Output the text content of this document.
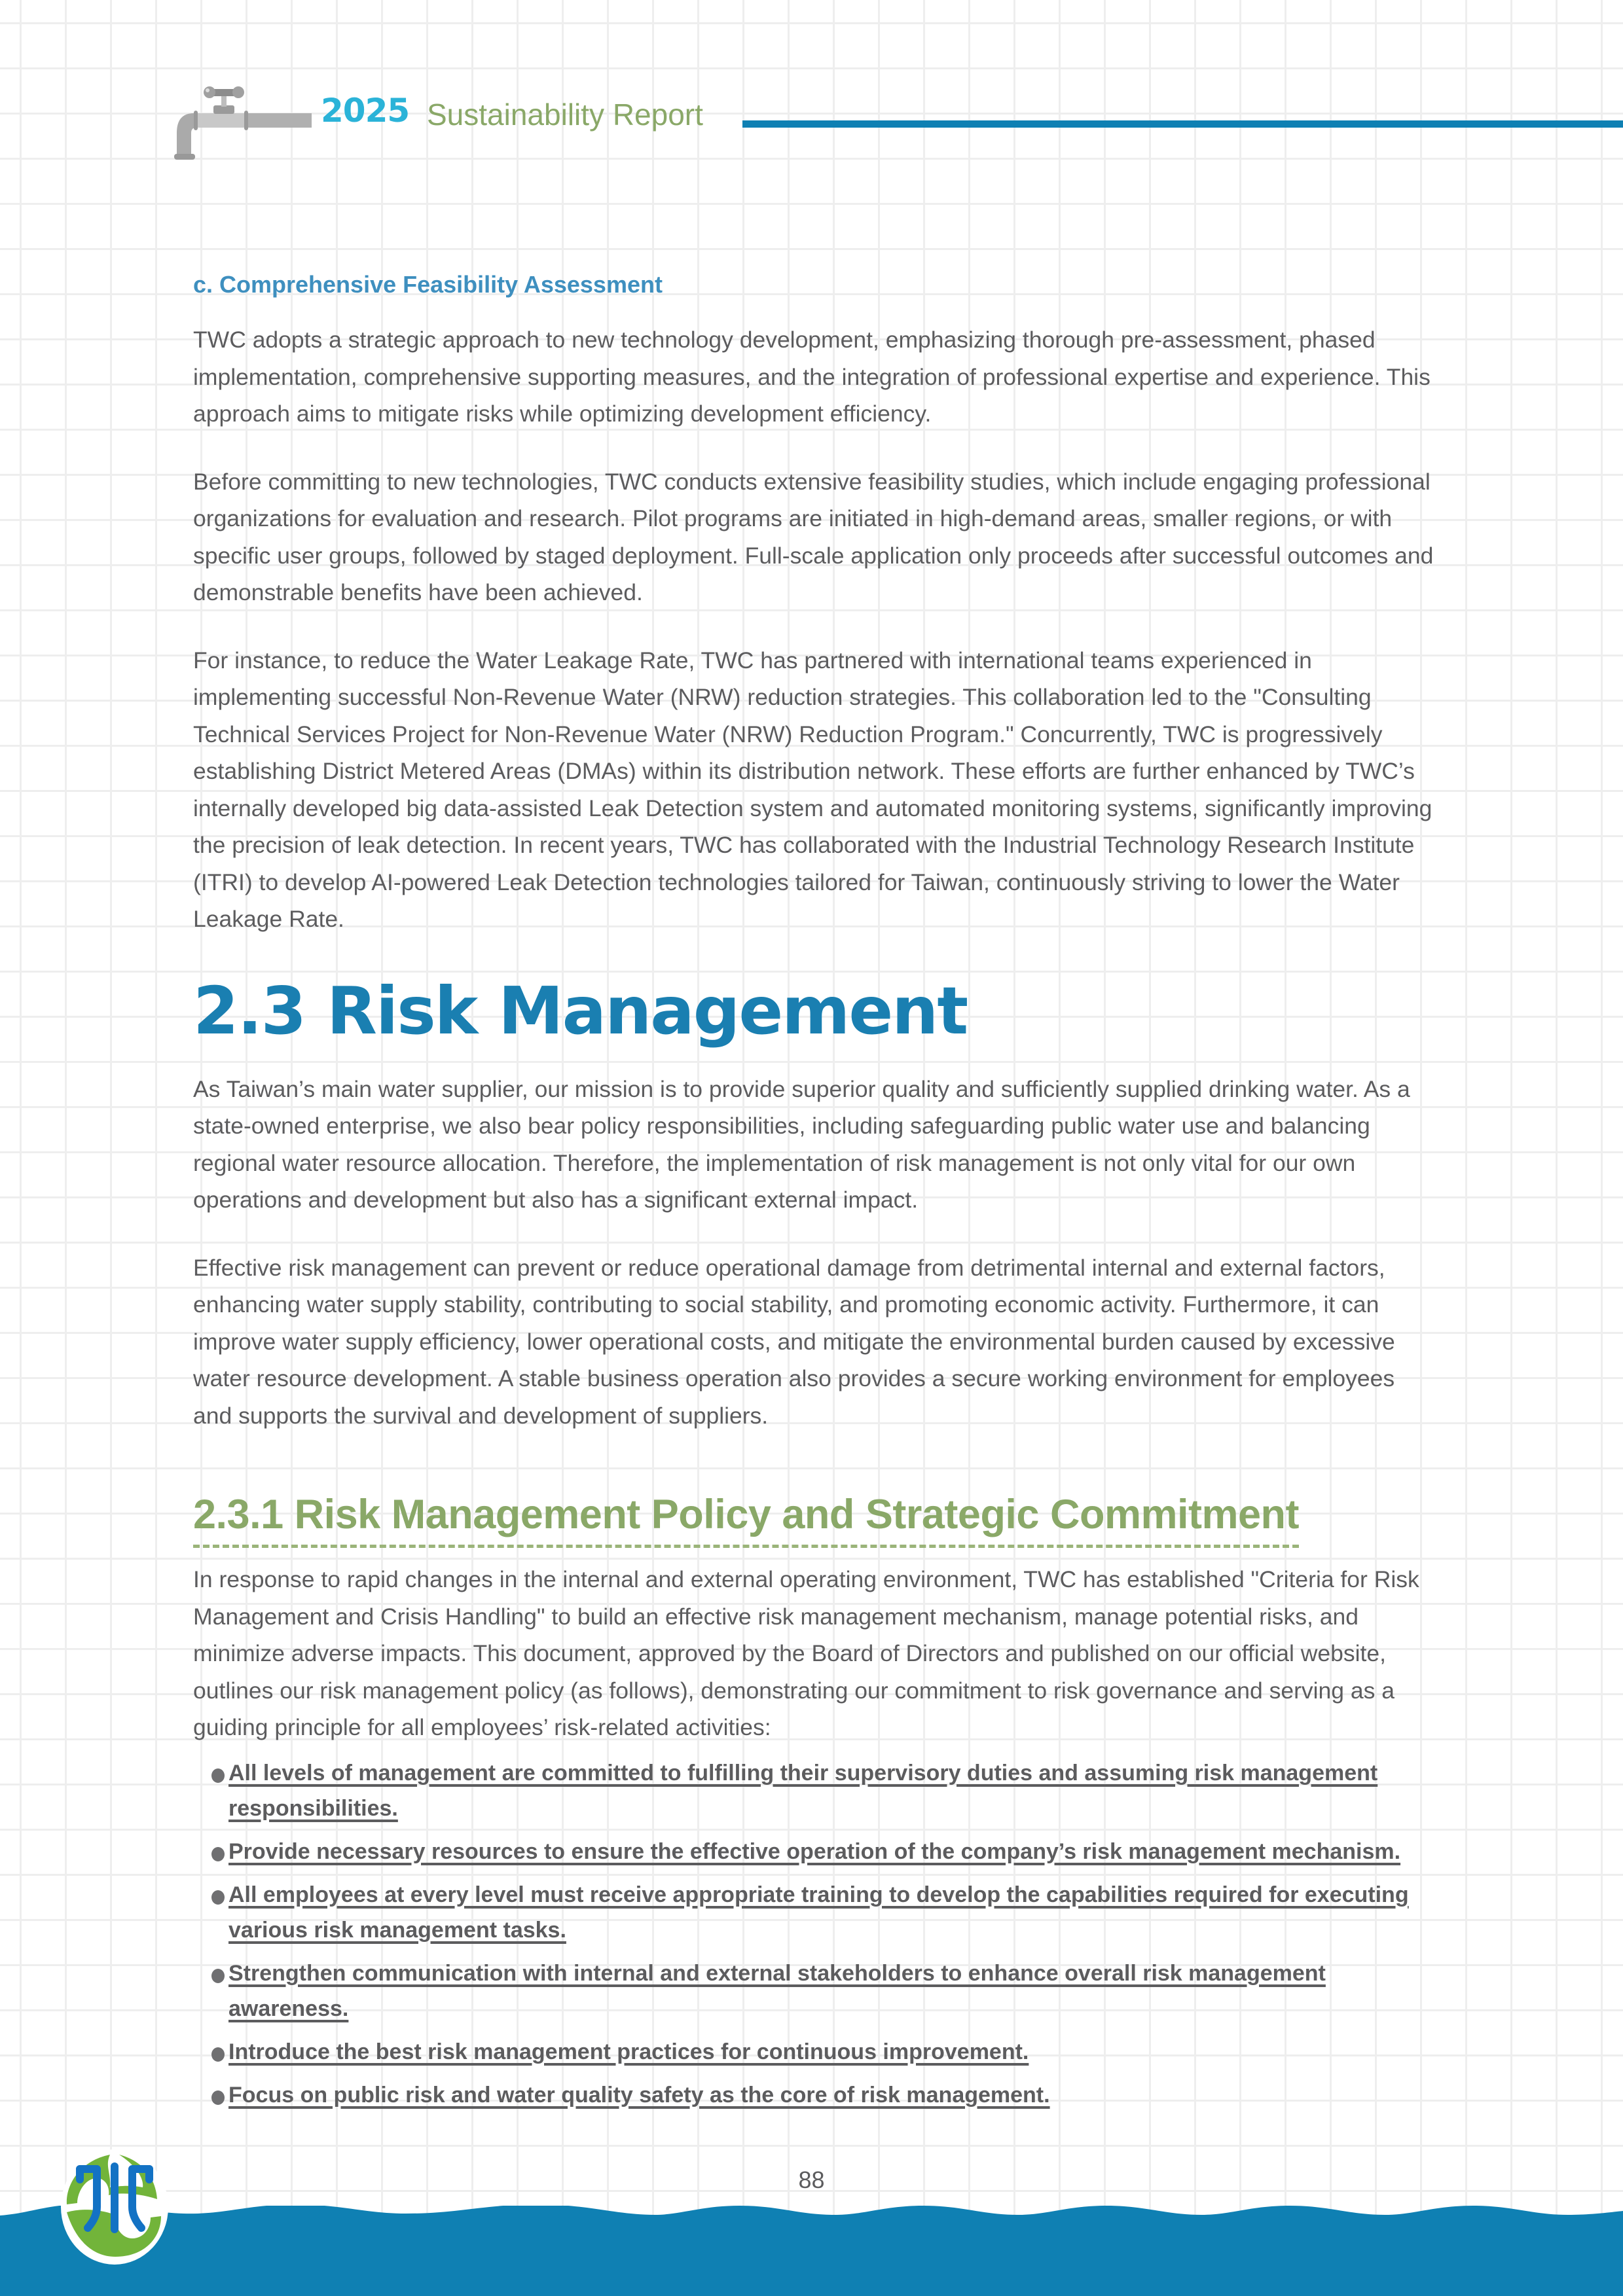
2025 Sustainability Report
c. Comprehensive Feasibility Assessment

TWC adopts a strategic approach to new technology development, emphasizing thorough pre-assessment, phased implementation, comprehensive supporting measures, and the integration of professional expertise and experience. This approach aims to mitigate risks while optimizing development efficiency.

Before committing to new technologies, TWC conducts extensive feasibility studies, which include engaging professional organizations for evaluation and research. Pilot programs are initiated in high-demand areas, smaller regions, or with specific user groups, followed by staged deployment. Full-scale application only proceeds after successful outcomes and demonstrable benefits have been achieved.

For instance, to reduce the Water Leakage Rate, TWC has partnered with international teams experienced in implementing successful Non-Revenue Water (NRW) reduction strategies. This collaboration led to the "Consulting Technical Services Project for Non-Revenue Water (NRW) Reduction Program." Concurrently, TWC is progressively establishing District Metered Areas (DMAs) within its distribution network. These efforts are further enhanced by TWC’s internally developed big data-assisted Leak Detection system and automated monitoring systems, significantly improving the precision of leak detection. In recent years, TWC has collaborated with the Industrial Technology Research Institute (ITRI) to develop AI-powered Leak Detection technologies tailored for Taiwan, continuously striving to lower the Water Leakage Rate.

2.3 Risk Management

As Taiwan’s main water supplier, our mission is to provide superior quality and sufficiently supplied drinking water. As a state-owned enterprise, we also bear policy responsibilities, including safeguarding public water use and balancing regional water resource allocation. Therefore, the implementation of risk management is not only vital for our own operations and development but also has a significant external impact.

Effective risk management can prevent or reduce operational damage from detrimental internal and external factors, enhancing water supply stability, contributing to social stability, and promoting economic activity. Furthermore, it can improve water supply efficiency, lower operational costs, and mitigate the environmental burden caused by excessive water resource development. A stable business operation also provides a secure working environment for employees and supports the survival and development of suppliers.

2.3.1 Risk Management Policy and Strategic Commitment

In response to rapid changes in the internal and external operating environment, TWC has established "Criteria for Risk Management and Crisis Handling" to build an effective risk management mechanism, manage potential risks, and minimize adverse impacts. This document, approved by the Board of Directors and published on our official website, outlines our risk management policy (as follows), demonstrating our commitment to risk governance and serving as a guiding principle for all employees’ risk-related activities:

All levels of management are committed to fulfilling their supervisory duties and assuming risk management responsibilities.
Provide necessary resources to ensure the effective operation of the company’s risk management mechanism.
All employees at every level must receive appropriate training to develop the capabilities required for executing various risk management tasks.
Strengthen communication with internal and external stakeholders to enhance overall risk management awareness.
Introduce the best risk management practices for continuous improvement.
Focus on public risk and water quality safety as the core of risk management.
88
